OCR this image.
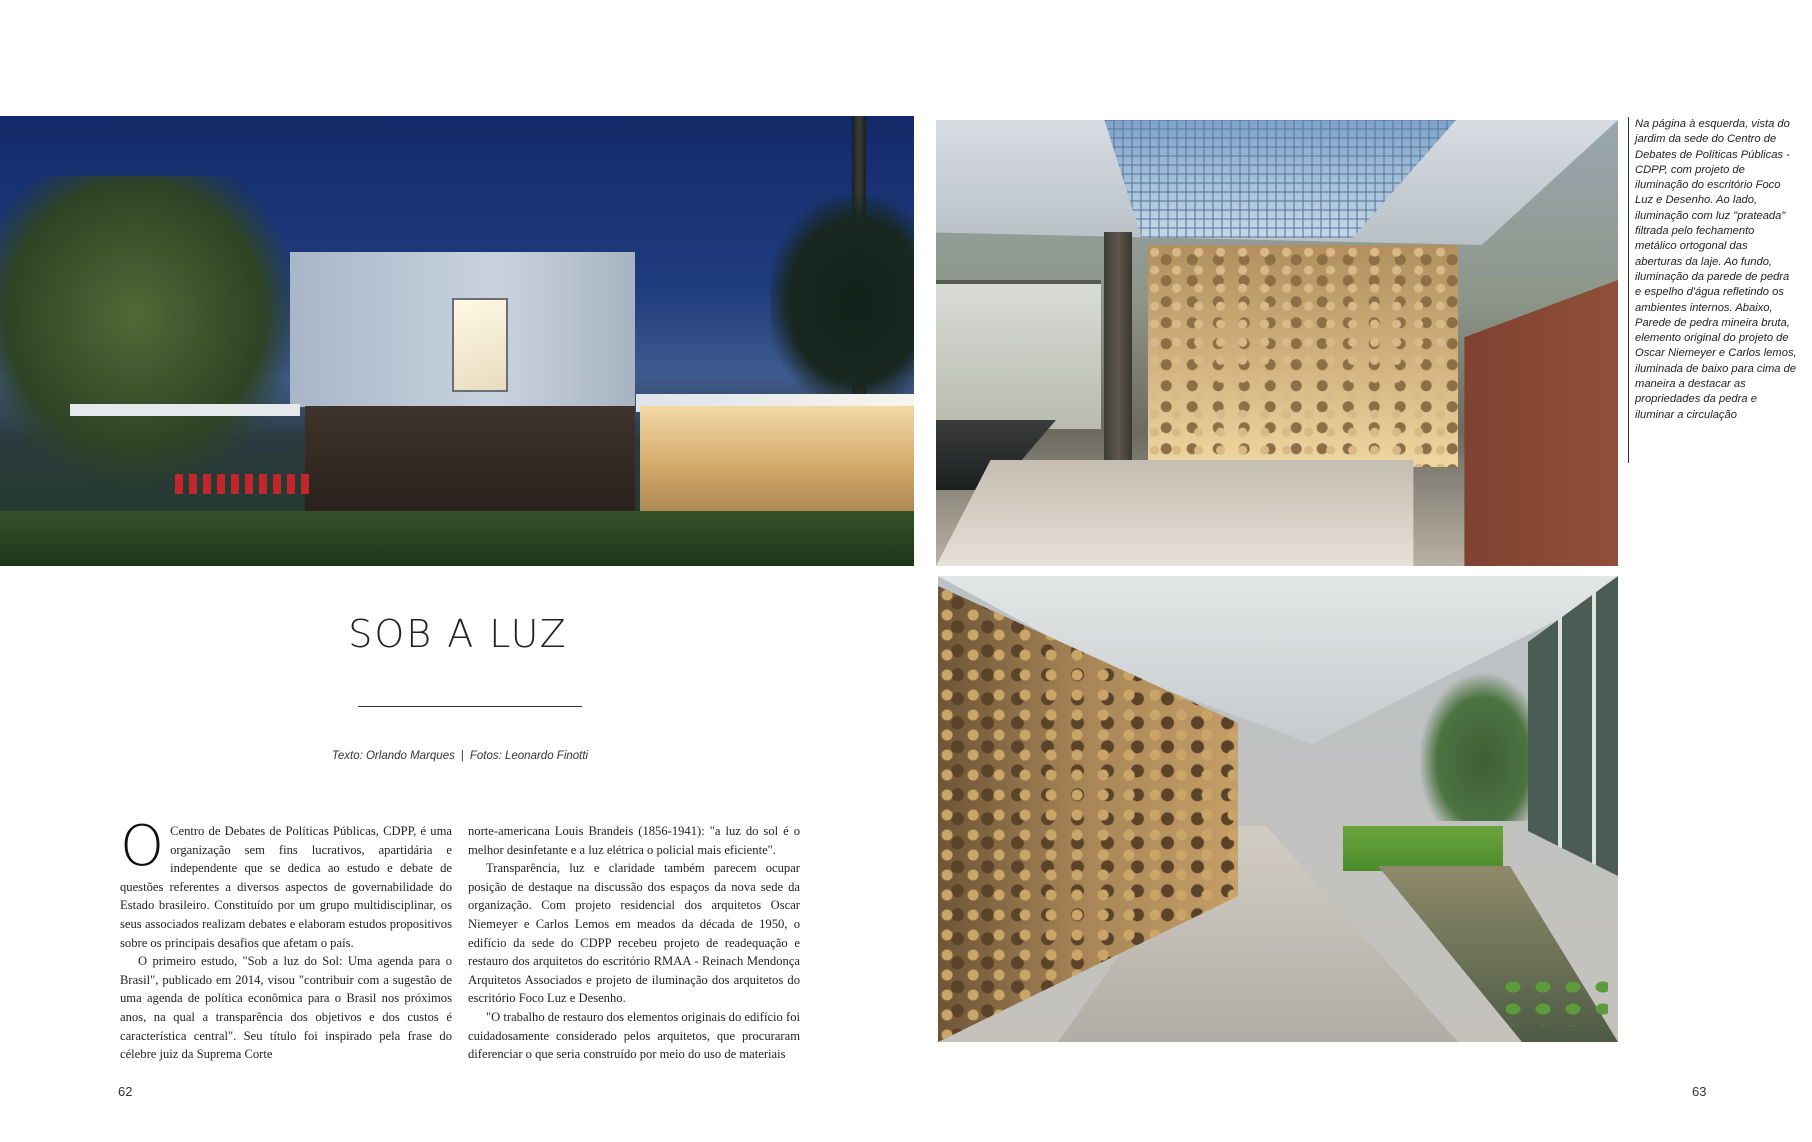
SOB A LUZ
Texto: Orlando Marques | Fotos: Leonardo Finotti

O Centro de Debates de Políticas Públicas, CDPP, é uma organização sem fins lucrativos, apartidária e independente que se dedica ao estudo e debate de questões referentes a diversos aspectos de governabilidade do Estado brasileiro. Constituído por um grupo multidisciplinar, os seus associados realizam debates e elaboram estudos propositivos sobre os principais desafios que afetam o país.

O primeiro estudo, "Sob a luz do Sol: Uma agenda para o Brasil", publicado em 2014, visou "contribuir com a sugestão de uma agenda de política econômica para o Brasil nos próximos anos, na qual a transparência dos objetivos e dos custos é característica central". Seu título foi inspirado pela frase do célebre juiz da Suprema Corte

norte-americana Louis Brandeis (1856-1941): "a luz do sol é o melhor desinfetante e a luz elétrica o policial mais eficiente".

Transparência, luz e claridade também parecem ocupar posição de destaque na discussão dos espaços da nova sede da organização. Com projeto residencial dos arquitetos Oscar Niemeyer e Carlos Lemos em meados da década de 1950, o edifício da sede do CDPP recebeu projeto de readequação e restauro dos arquitetos do escritório RMAA - Reinach Mendonça Arquitetos Associados e projeto de iluminação dos arquitetos do escritório Foco Luz e Desenho.

"O trabalho de restauro dos elementos originais do edifício foi cuidadosamente considerado pelos arquitetos, que procuraram diferenciar o que seria construído por meio do uso de materiais

Na página à esquerda, vista do jardim da sede do Centro de Debates de Políticas Públicas - CDPP, com projeto de iluminação do escritório Foco Luz e Desenho. Ao lado, iluminação com luz "prateada" filtrada pelo fechamento metálico ortogonal das aberturas da laje. Ao fundo, iluminação da parede de pedra e espelho d'água refletindo os ambientes internos. Abaixo, Parede de pedra mineira bruta, elemento original do projeto de Oscar Niemeyer e Carlos lemos, iluminada de baixo para cima de maneira a destacar as propriedades da pedra e iluminar a circulação
62	63
